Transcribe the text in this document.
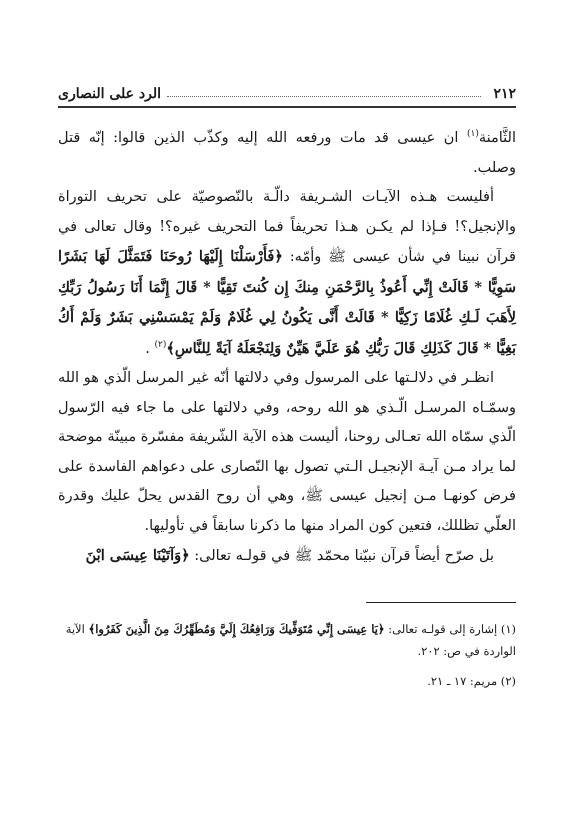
٢١٢
الرد على النصارى

الثَّامنة$^{(١)}$ ان عيسى قد مات ورفعه الله إليه وكذّب الذين قالوا: إنّه قتل وصلب.

أفليست هـذه الآيـات الشـريفة دالّـة بالنّصوصيّة على تحريف التوراة والإنجيل؟! فـإذا لم يكـن هـذا تحريفاً فما التحريف غيره؟! وقال تعالى في قرآن نبينا في شأن عيسى ﷺ وأمّه: ﴿فَأَرْسَلْنَا إِلَيْهَا رُوحَنَا فَتَمَثَّلَ لَهَا بَشَرًا سَوِيًّا * قَالَتْ إِنِّي أَعُوذُ بِالرَّحْمَنِ مِنكَ إِن كُنتَ تَقِيًّا * قَالَ إِنَّمَا أَنَا رَسُولُ رَبِّكِ لِأَهَبَ لَـكِ غُلَامًا زَكِيًّا * قَالَتْ أَنَّى يَكُونُ لِي غُلَامٌ وَلَمْ يَمْسَسْنِي بَشَرٌ وَلَمْ أَكُ بَغِيًّا * قَالَ كَذَلِكِ قَالَ رَبُّكِ هُوَ عَلَيَّ هَيِّنٌ وَلِنَجْعَلَهُ آيَةً لِلنَّاسِ﴾$^{(٢)}$ .

انظـر في دلالـتها على المرسول وفي دلالتها أنّه غير المرسل الّذي هو الله وسمّـاه المرسـل الّـذي هو الله روحه، وفي دلالتها على ما جاء فيه الرّسول الّذي سمّاه الله تعـالى روحنا، أليست هذه الآية الشّريفة مفسّرة مبينّة موضحة لما يراد مـن آيـة الإنجيـل الـتي تصول بها النّصارى على دعواهم الفاسدة على فرض كونهـا مـن إنجيل عيسى ﷺ، وهي أن روح القدس يحلّ عليك وقدرة العلّي تظللك، فتعين كون المراد منها ما ذكرنا سابقاً في تأوليها.

بل صرّح أيضاً قرآن نبيّنا محمّد ﷺ في قولـه تعالى: ﴿وَآتَيْنَا عِيسَى ابْنَ

(١) إشارة إلى قولـه تعالى: ﴿يَا عِيسَى إِنِّي مُتَوَفِّيكَ وَرَافِعُكَ إِلَيَّ وَمُطَهِّرُكَ مِنَ الَّذِينَ كَفَرُوا﴾ الآية الواردة في ص: ٢٠٢.

(٢) مريم: ١٧ ـ ٢١.
